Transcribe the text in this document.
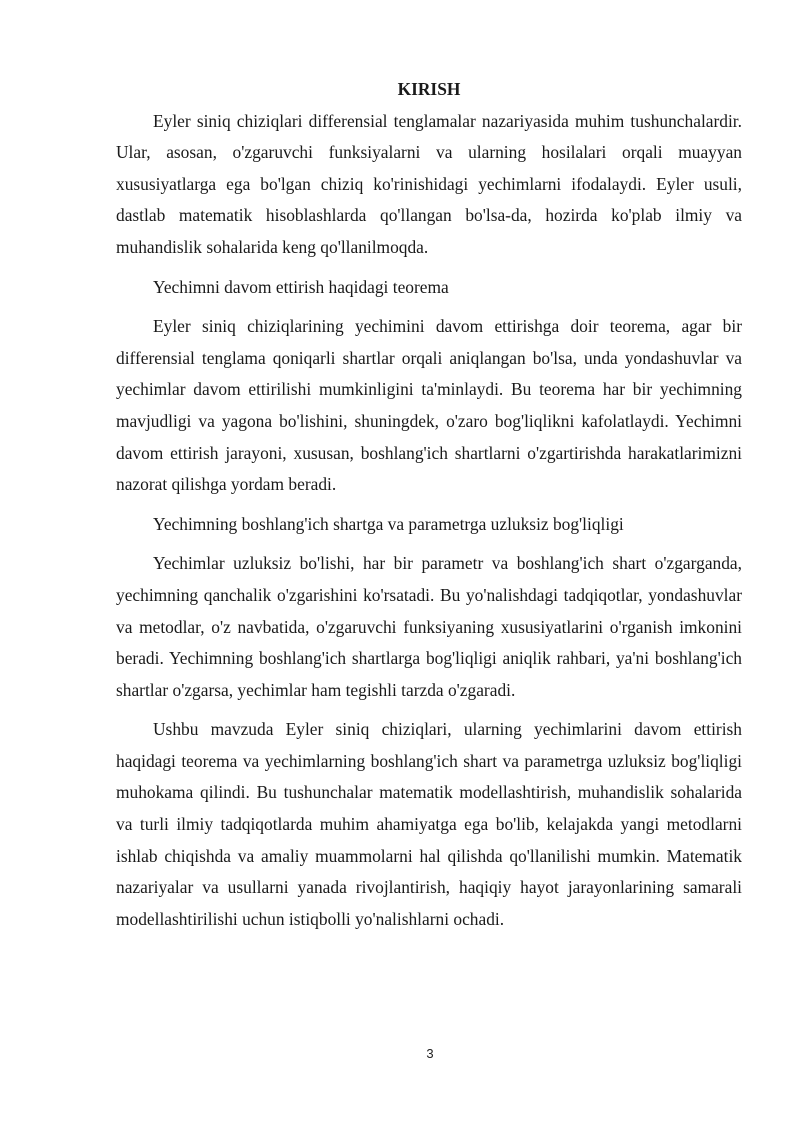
KIRISH

Eyler siniq chiziqlari differensial tenglamalar nazariyasida muhim tushunchalardir. Ular, asosan, o'zgaruvchi funksiyalarni va ularning hosilalari orqali muayyan xususiyatlarga ega bo'lgan chiziq ko'rinishidagi yechimlarni ifodalaydi. Eyler usuli, dastlab matematik hisoblashlarda qo'llangan bo'lsa-da, hozirda ko'plab ilmiy va muhandislik sohalarida keng qo'llanilmoqda.

Yechimni davom ettirish haqidagi teorema

Eyler siniq chiziqlarining yechimini davom ettirishga doir teorema, agar bir differensial tenglama qoniqarli shartlar orqali aniqlangan bo'lsa, unda yondashuvlar va yechimlar davom ettirilishi mumkinligini ta'minlaydi. Bu teorema har bir yechimning mavjudligi va yagona bo'lishini, shuningdek, o'zaro bog'liqlikni kafolatlaydi. Yechimni davom ettirish jarayoni, xususan, boshlang'ich shartlarni o'zgartirishda harakatlarimizni nazorat qilishga yordam beradi.

Yechimning boshlang'ich shartga va parametrga uzluksiz bog'liqligi

Yechimlar uzluksiz bo'lishi, har bir parametr va boshlang'ich shart o'zgarganda, yechimning qanchalik o'zgarishini ko'rsatadi. Bu yo'nalishdagi tadqiqotlar, yondashuvlar va metodlar, o'z navbatida, o'zgaruvchi funksiyaning xususiyatlarini o'rganish imkonini beradi. Yechimning boshlang'ich shartlarga bog'liqligi aniqlik rahbari, ya'ni boshlang'ich shartlar o'zgarsa, yechimlar ham tegishli tarzda o'zgaradi.

Ushbu mavzuda Eyler siniq chiziqlari, ularning yechimlarini davom ettirish haqidagi teorema va yechimlarning boshlang'ich shart va parametrga uzluksiz bog'liqligi muhokama qilindi. Bu tushunchalar matematik modellashtirish, muhandislik sohalarida va turli ilmiy tadqiqotlarda muhim ahamiyatga ega bo'lib, kelajakda yangi metodlarni ishlab chiqishda va amaliy muammolarni hal qilishda qo'llanilishi mumkin. Matematik nazariyalar va usullarni yanada rivojlantirish, haqiqiy hayot jarayonlarining samarali modellashtirilishi uchun istiqbolli yo'nalishlarni ochadi.

3
